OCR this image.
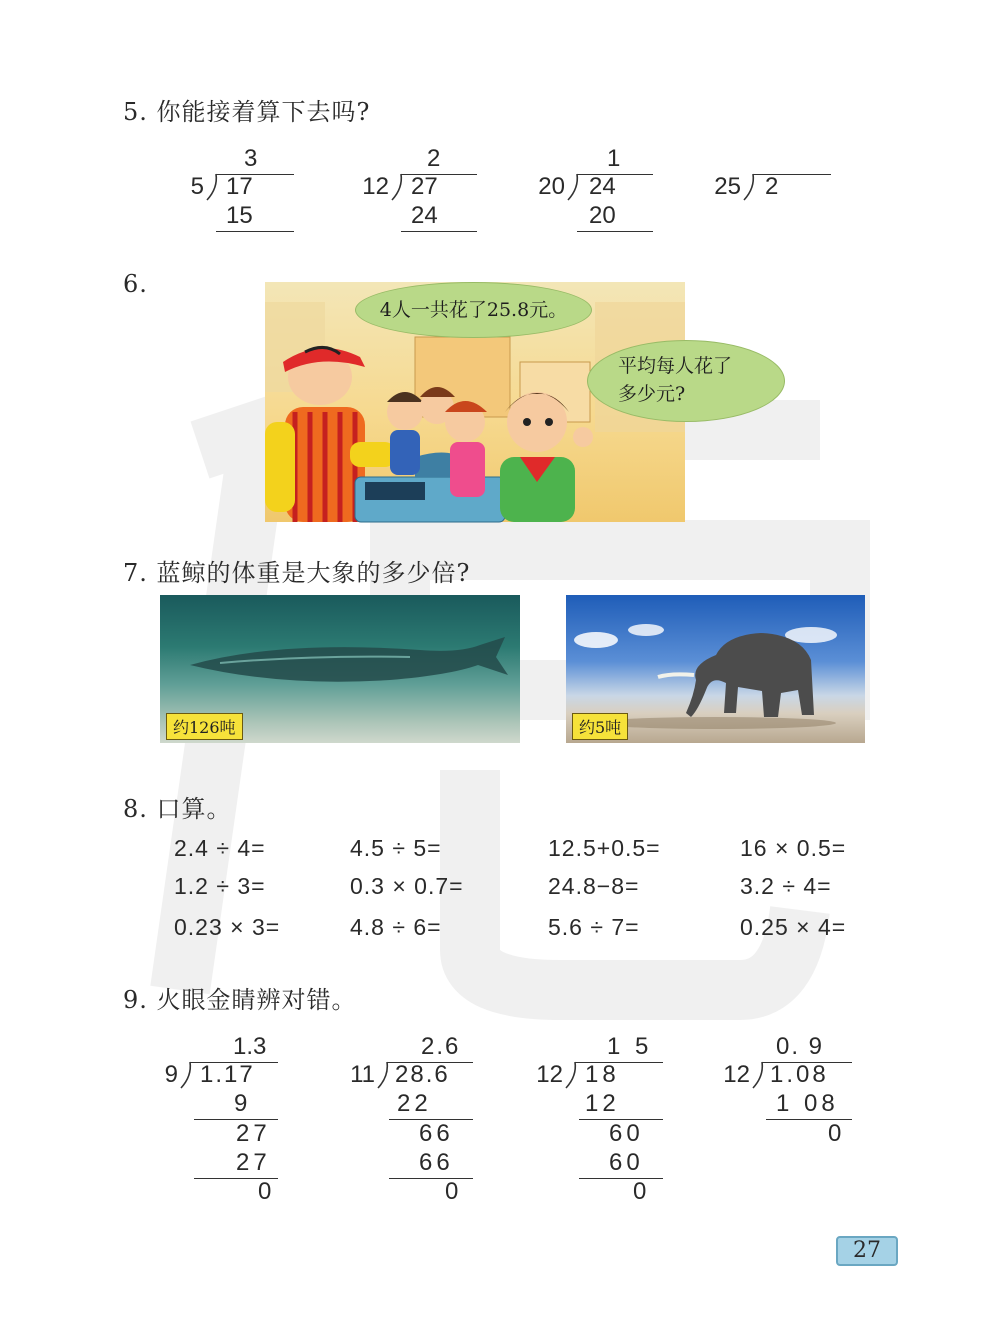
5. 你能接着算下去吗?
3
5 17
15
2
12 27
24
1
20 24
20
25 2
6.
4人一共花了25.8元。
平均每人花了
多少元?
7. 蓝鲸的体重是大象的多少倍?
约126吨	约5吨
8. 口算。
2.4 ÷ 4=	4.5 ÷ 5=	12.5+0.5=	16 × 0.5=
1.2 ÷ 3=	0.3 × 0.7=	24.8−8=	3.2 ÷ 4=
0.23 × 3=	4.8 ÷ 6=	5.6 ÷ 7=	0.25 × 4=
9. 火眼金睛辨对错。
1.3
9 1.17
9
27
27
0
2.6
11 28.6
22
66
66
0
1 5
12 18
12
60
60
0
0. 9
12 1.08
1 08
0
27
